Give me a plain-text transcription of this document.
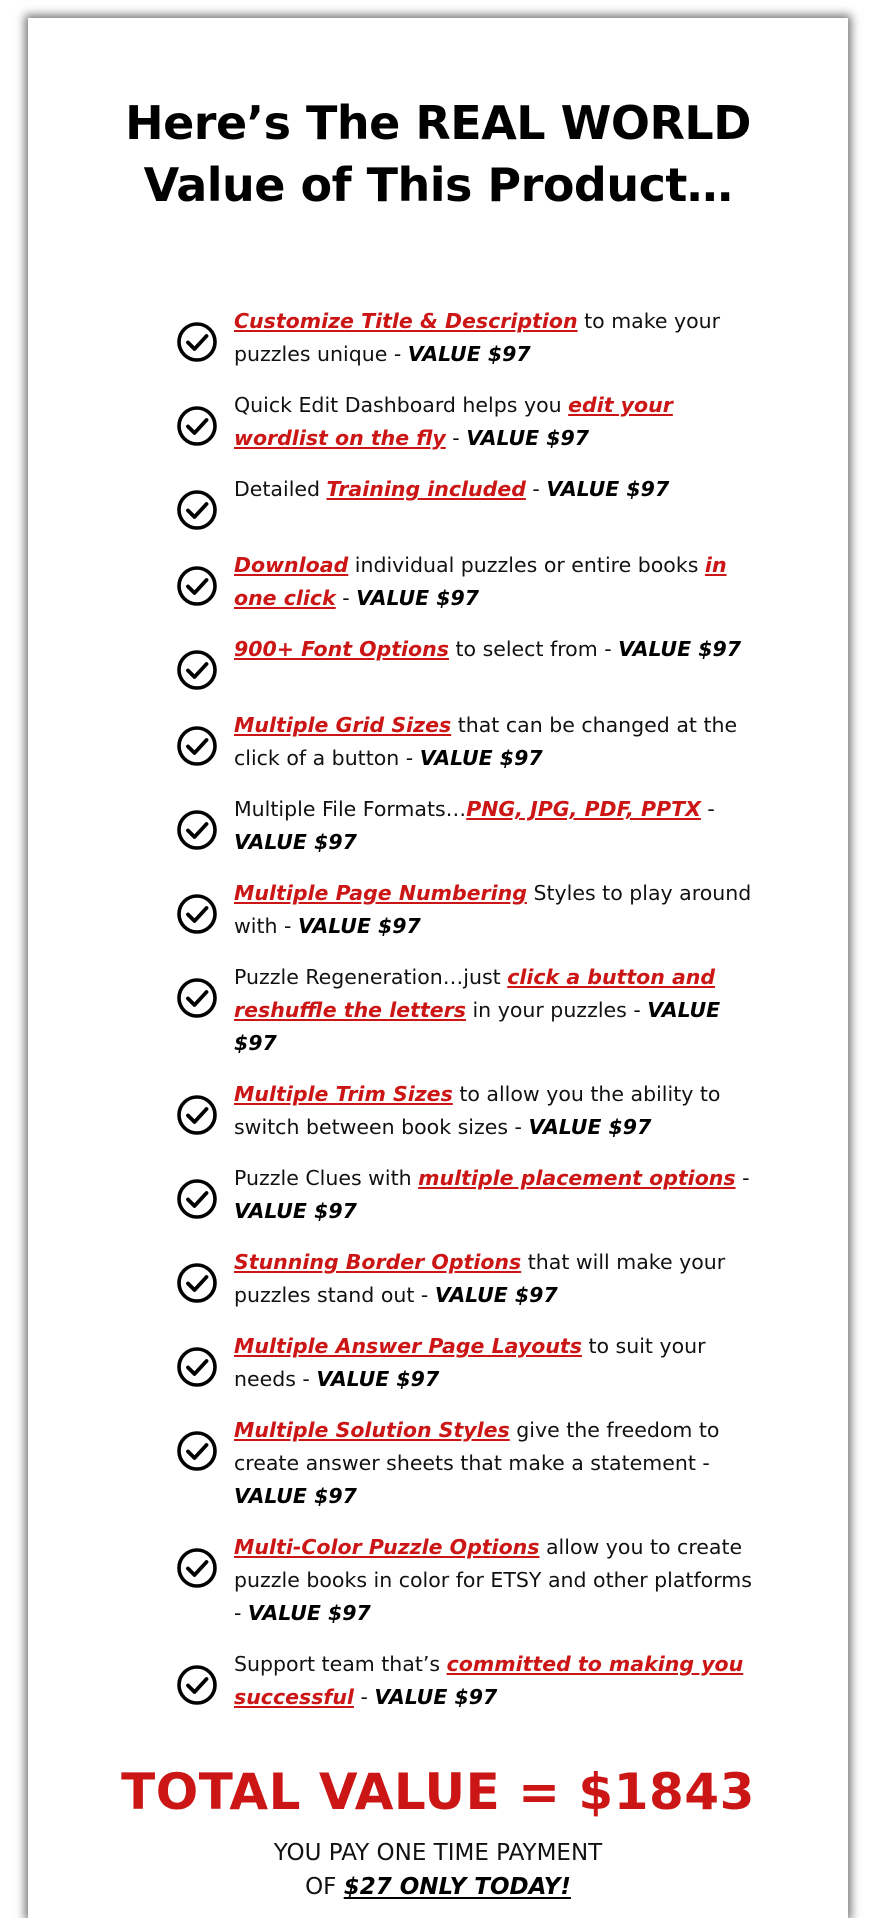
Here’s The REAL WORLD
Value of This Product…
Customize Title & Description to make your puzzles unique - VALUE $97
Quick Edit Dashboard helps you edit your wordlist on the fly - VALUE $97
Detailed Training included - VALUE $97
Download individual puzzles or entire books in one click - VALUE $97
900+ Font Options to select from - VALUE $97
Multiple Grid Sizes that can be changed at the click of a button - VALUE $97
Multiple File Formats…PNG, JPG, PDF, PPTX - VALUE $97
Multiple Page Numbering Styles to play around with - VALUE $97
Puzzle Regeneration…just click a button and reshuffle the letters in your puzzles - VALUE $97
Multiple Trim Sizes to allow you the ability to switch between book sizes - VALUE $97
Puzzle Clues with multiple placement options - VALUE $97
Stunning Border Options that will make your puzzles stand out - VALUE $97
Multiple Answer Page Layouts to suit your needs - VALUE $97
Multiple Solution Styles give the freedom to create answer sheets that make a statement - VALUE $97
Multi-Color Puzzle Options allow you to create puzzle books in color for ETSY and other platforms - VALUE $97
Support team that’s committed to making you successful - VALUE $97
TOTAL VALUE = $1843
YOU PAY ONE TIME PAYMENT
OF $27 ONLY TODAY!
